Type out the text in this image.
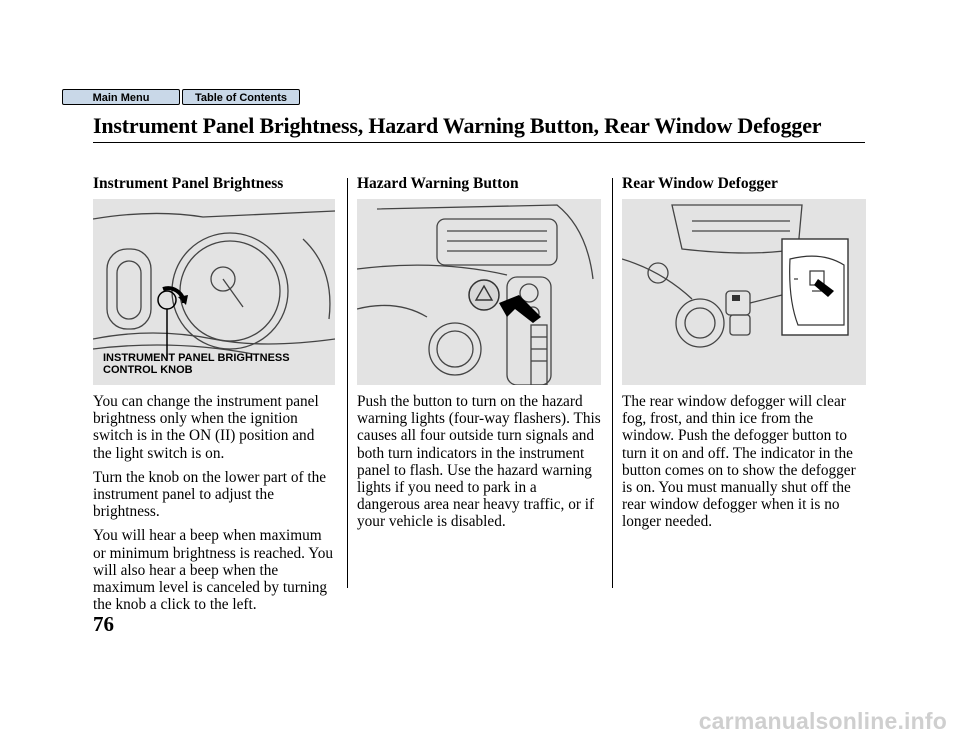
Main Menu	Table of Contents
Instrument Panel Brightness, Hazard Warning Button, Rear Window Defogger
Instrument Panel Brightness
INSTRUMENT PANEL BRIGHTNESS
CONTROL KNOB

You can change the instrument panel brightness only when the ignition switch is in the ON (II) position and the light switch is on.

Turn the knob on the lower part of the instrument panel to adjust the brightness.

You will hear a beep when maximum or minimum brightness is reached. You will also hear a beep when the maximum level is canceled by turning the knob a click to the left.

Hazard Warning Button

Push the button to turn on the hazard warning lights (four-way flashers). This causes all four outside turn signals and both turn indicators in the instrument panel to flash. Use the hazard warning lights if you need to park in a dangerous area near heavy traffic, or if your vehicle is disabled.

Rear Window Defogger

The rear window defogger will clear fog, frost, and thin ice from the window. Push the defogger button to turn it on and off. The indicator in the button comes on to show the defogger is on. You must manually shut off the rear window defogger when it is no longer needed.

76
carmanualsonline.info
